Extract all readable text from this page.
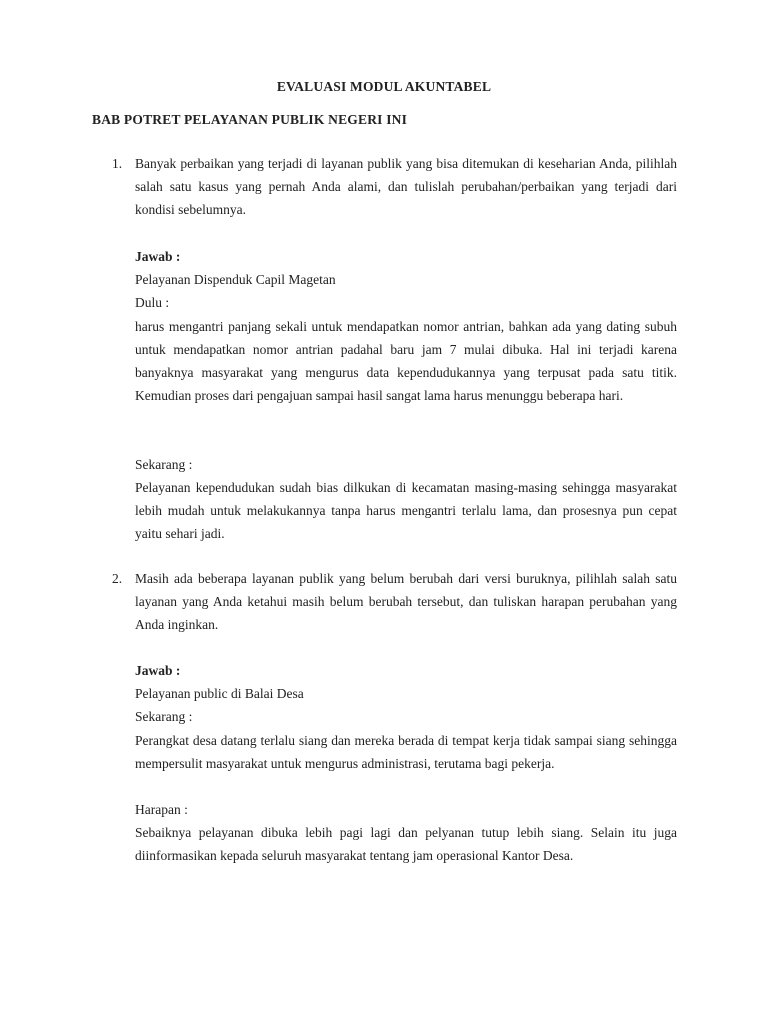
EVALUASI MODUL AKUNTABEL
BAB POTRET PELAYANAN PUBLIK NEGERI INI
1. Banyak perbaikan yang terjadi di layanan publik yang bisa ditemukan di keseharian Anda, pilihlah salah satu kasus yang pernah Anda alami, dan tulislah perubahan/perbaikan yang terjadi dari kondisi sebelumnya.

Jawab :

Pelayanan Dispenduk Capil Magetan

Dulu :

harus mengantri panjang sekali untuk mendapatkan nomor antrian, bahkan ada yang dating subuh untuk mendapatkan nomor antrian padahal baru jam 7 mulai dibuka. Hal ini terjadi karena banyaknya masyarakat yang mengurus data kependudukannya yang terpusat pada satu titik. Kemudian proses dari pengajuan sampai hasil sangat lama harus menunggu beberapa hari.

Sekarang :

Pelayanan kependudukan sudah bias dilkukan di kecamatan masing-masing sehingga masyarakat lebih mudah untuk melakukannya tanpa harus mengantri terlalu lama, dan prosesnya pun cepat yaitu sehari jadi.

2. Masih ada beberapa layanan publik yang belum berubah dari versi buruknya, pilihlah salah satu layanan yang Anda ketahui masih belum berubah tersebut, dan tuliskan harapan perubahan yang Anda inginkan.

Jawab :

Pelayanan public di Balai Desa

Sekarang :

Perangkat desa datang terlalu siang dan mereka berada di tempat kerja tidak sampai siang sehingga mempersulit masyarakat untuk mengurus administrasi, terutama bagi pekerja.

Harapan :

Sebaiknya pelayanan dibuka lebih pagi lagi dan pelyanan tutup lebih siang. Selain itu juga diinformasikan kepada seluruh masyarakat tentang jam operasional Kantor Desa.
